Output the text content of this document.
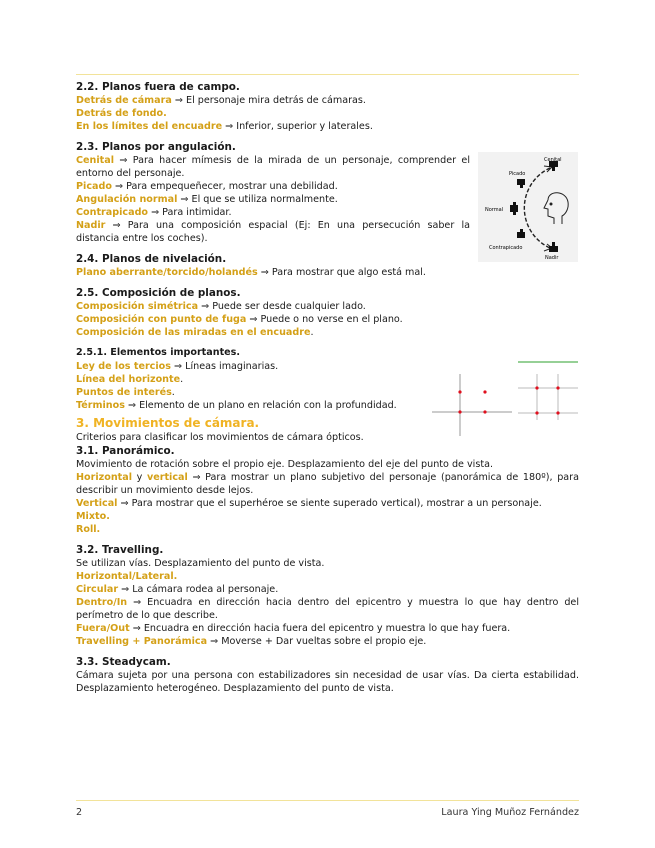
2.2. Planos fuera de campo.

Detrás de cámara ⇒ El personaje mira detrás de cámaras.

Detrás de fondo.

En los límites del encuadre ⇒ Inferior, superior y laterales.

2.3. Planos por angulación.

Cenital ⇒ Para hacer mímesis de la mirada de un personaje, comprender el entorno del personaje.

Picado ⇒ Para empequeñecer, mostrar una debilidad.

Angulación normal ⇒ El que se utiliza normalmente.

Contrapicado ⇒ Para intimidar.

Nadir ⇒ Para una composición espacial (Ej: En una persecución saber la distancia entre los coches).

2.4. Planos de nivelación.

Plano aberrante/torcido/holandés ⇒ Para mostrar que algo está mal.

2.5. Composición de planos.

Composición simétrica ⇒ Puede ser desde cualquier lado.

Composición con punto de fuga ⇒ Puede o no verse en el plano.

Composición de las miradas en el encuadre.

2.5.1. Elementos importantes.

Ley de los tercios ⇒ Líneas imaginarias.

Línea del horizonte.

Puntos de interés.

Términos ⇒ Elemento de un plano en relación con la profundidad.

3. Movimientos de cámara.

Criterios para clasificar los movimientos de cámara ópticos.

3.1. Panorámico.

Movimiento de rotación sobre el propio eje. Desplazamiento del eje del punto de vista.

Horizontal y vertical ⇒ Para mostrar un plano subjetivo del personaje (panorámica de 180º), para describir un movimiento desde lejos.

Vertical ⇒ Para mostrar que el superhéroe se siente superado vertical), mostrar a un personaje.

Mixto.

Roll.

3.2. Travelling.

Se utilizan vías. Desplazamiento del punto de vista.

Horizontal/Lateral.

Circular ⇒ La cámara rodea al personaje.

Dentro/In ⇒ Encuadra en dirección hacia dentro del epicentro y muestra lo que hay dentro del perímetro de lo que describe.

Fuera/Out ⇒ Encuadra en dirección hacia fuera del epicentro y muestra lo que hay fuera.

Travelling + Panorámica ⇒ Moverse + Dar vueltas sobre el propio eje.

3.3. Steadycam.

Cámara sujeta por una persona con estabilizadores sin necesidad de usar vías. Da cierta estabilidad. Desplazamiento heterogéneo. Desplazamiento del punto de vista.

Cenital
Picado
Normal
Contrapicado
Nadir
2	Laura Ying Muñoz Fernández
